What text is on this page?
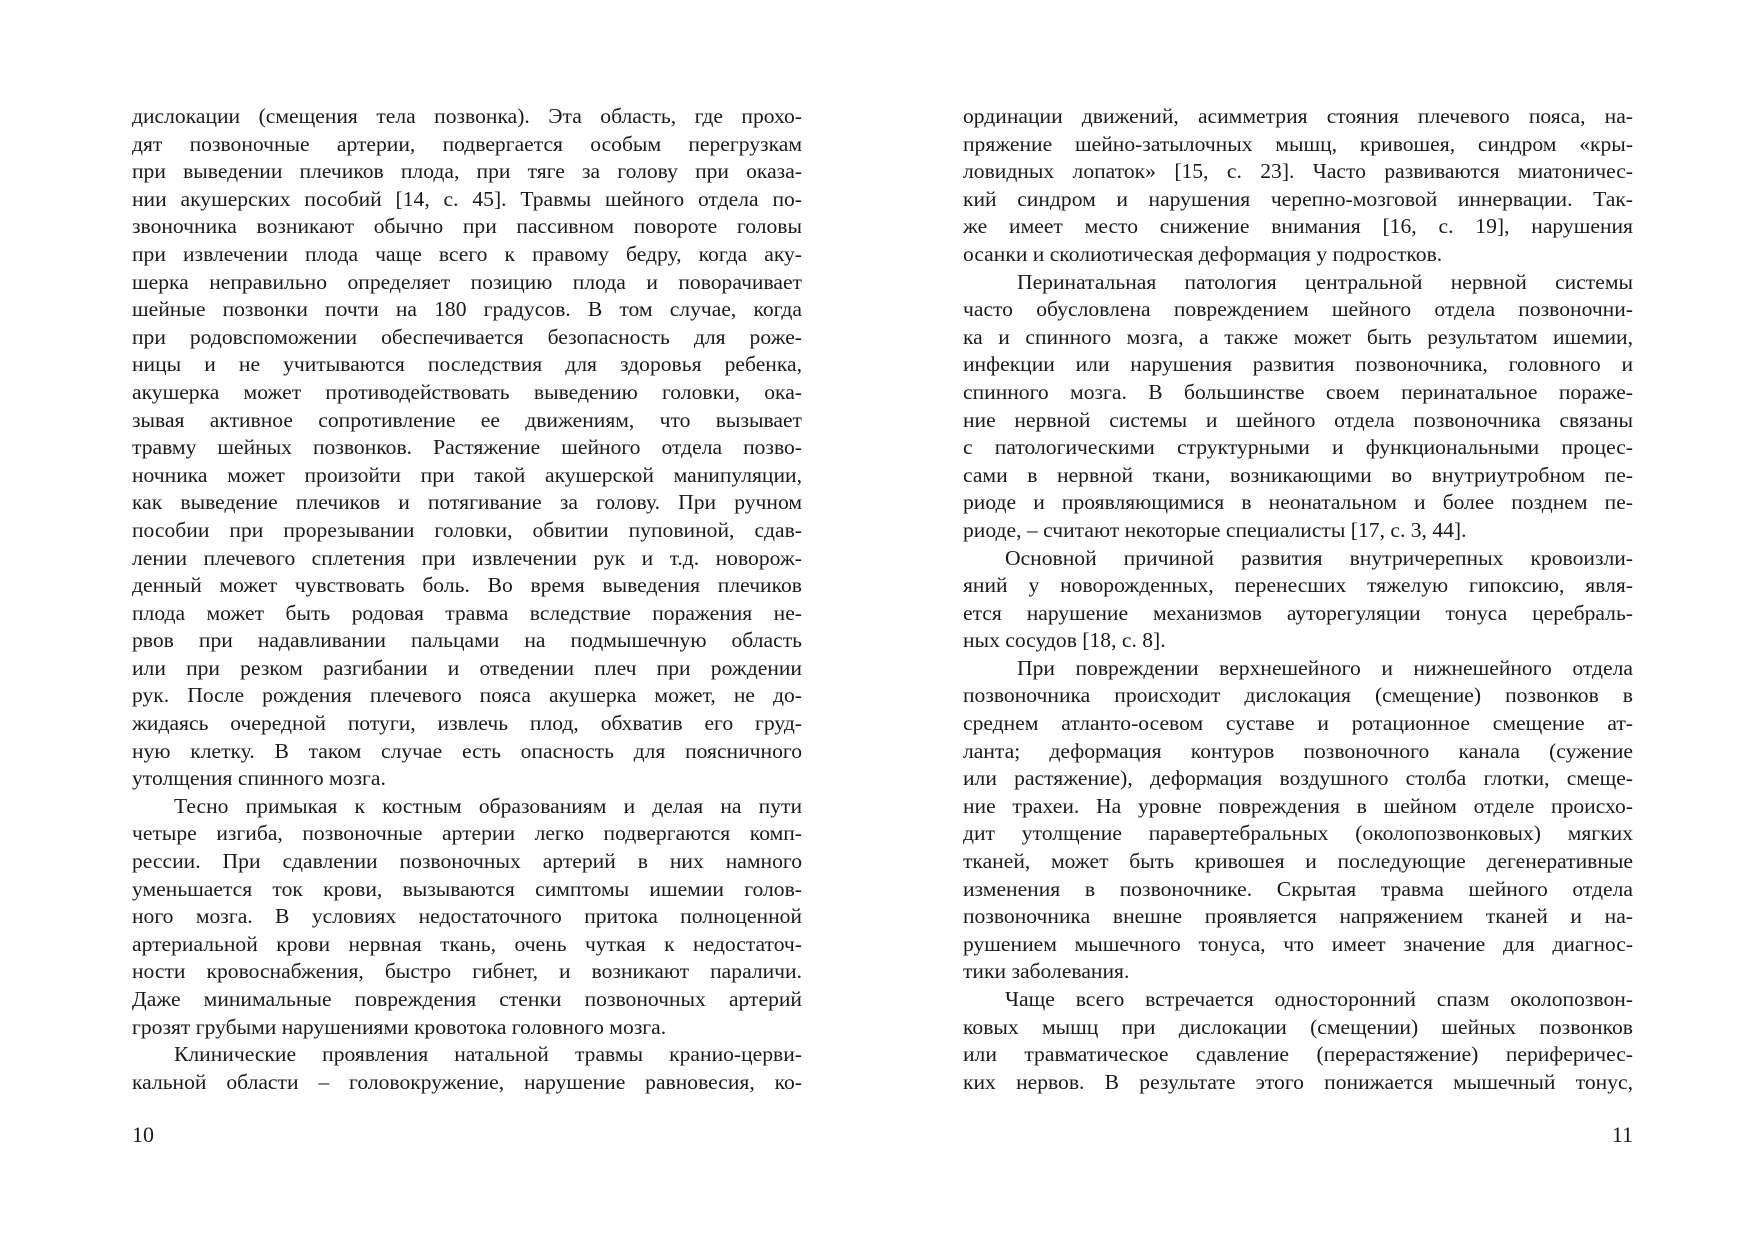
дислокации (смещения тела позвонка). Эта область, где прохо-
дят позвоночные артерии, подвергается особым перегрузкам
при выведении плечиков плода, при тяге за голову при оказа-
нии акушерских пособий [14, с. 45]. Травмы шейного отдела по-
звоночника возникают обычно при пассивном повороте головы
при извлечении плода чаще всего к правому бедру, когда аку-
шерка неправильно определяет позицию плода и поворачивает
шейные позвонки почти на 180 градусов. В том случае, когда
при родовспоможении обеспечивается безопасность для роже-
ницы и не учитываются последствия для здоровья ребенка,
акушерка может противодействовать выведению головки, ока-
зывая активное сопротивление ее движениям, что вызывает
травму шейных позвонков. Растяжение шейного отдела позво-
ночника может произойти при такой акушерской манипуляции,
как выведение плечиков и потягивание за голову. При ручном
пособии при прорезывании головки, обвитии пуповиной, сдав-
лении плечевого сплетения при извлечении рук и т.д. новорож-
денный может чувствовать боль. Во время выведения плечиков
плода может быть родовая травма вследствие поражения не-
рвов при надавливании пальцами на подмышечную область
или при резком разгибании и отведении плеч при рождении
рук. После рождения плечевого пояса акушерка может, не до-
жидаясь очередной потуги, извлечь плод, обхватив его груд-
ную клетку. В таком случае есть опасность для поясничного
утолщения спинного мозга.
Тесно примыкая к костным образованиям и делая на пути
четыре изгиба, позвоночные артерии легко подвергаются комп-
рессии. При сдавлении позвоночных артерий в них намного
уменьшается ток крови, вызываются симптомы ишемии голов-
ного мозга. В условиях недостаточного притока полноценной
артериальной крови нервная ткань, очень чуткая к недостаточ-
ности кровоснабжения, быстро гибнет, и возникают параличи.
Даже минимальные повреждения стенки позвоночных артерий
грозят грубыми нарушениями кровотока головного мозга.
Клинические проявления натальной травмы кранио-церви-
кальной области – головокружение, нарушение равновесия, ко-
10
ординации движений, асимметрия стояния плечевого пояса, на-
пряжение шейно-затылочных мышц, кривошея, синдром «кры-
ловидных лопаток» [15, с. 23]. Часто развиваются миатоничес-
кий синдром и нарушения черепно-мозговой иннервации. Так-
же имеет место снижение внимания [16, с. 19], нарушения
осанки и сколиотическая деформация у подростков.
Перинатальная патология центральной нервной системы
часто обусловлена повреждением шейного отдела позвоночни-
ка и спинного мозга, а также может быть результатом ишемии,
инфекции или нарушения развития позвоночника, головного и
спинного мозга. В большинстве своем перинатальное пораже-
ние нервной системы и шейного отдела позвоночника связаны
с патологическими структурными и функциональными процес-
сами в нервной ткани, возникающими во внутриутробном пе-
риоде и проявляющимися в неонатальном и более позднем пе-
риоде, – считают некоторые специалисты [17, с. 3, 44].
Основной причиной развития внутричерепных кровоизли-
яний у новорожденных, перенесших тяжелую гипоксию, явля-
ется нарушение механизмов ауторегуляции тонуса церебраль-
ных сосудов [18, с. 8].
При повреждении верхнешейного и нижнешейного отдела
позвоночника происходит дислокация (смещение) позвонков в
среднем атланто-осевом суставе и ротационное смещение ат-
ланта; деформация контуров позвоночного канала (сужение
или растяжение), деформация воздушного столба глотки, смеще-
ние трахеи. На уровне повреждения в шейном отделе происхо-
дит утолщение паравертебральных (околопозвонковых) мягких
тканей, может быть кривошея и последующие дегенеративные
изменения в позвоночнике. Скрытая травма шейного отдела
позвоночника внешне проявляется напряжением тканей и на-
рушением мышечного тонуса, что имеет значение для диагнос-
тики заболевания.
Чаще всего встречается односторонний спазм околопозвон-
ковых мышц при дислокации (смещении) шейных позвонков
или травматическое сдавление (перерастяжение) периферичес-
ких нервов. В результате этого понижается мышечный тонус,
11
